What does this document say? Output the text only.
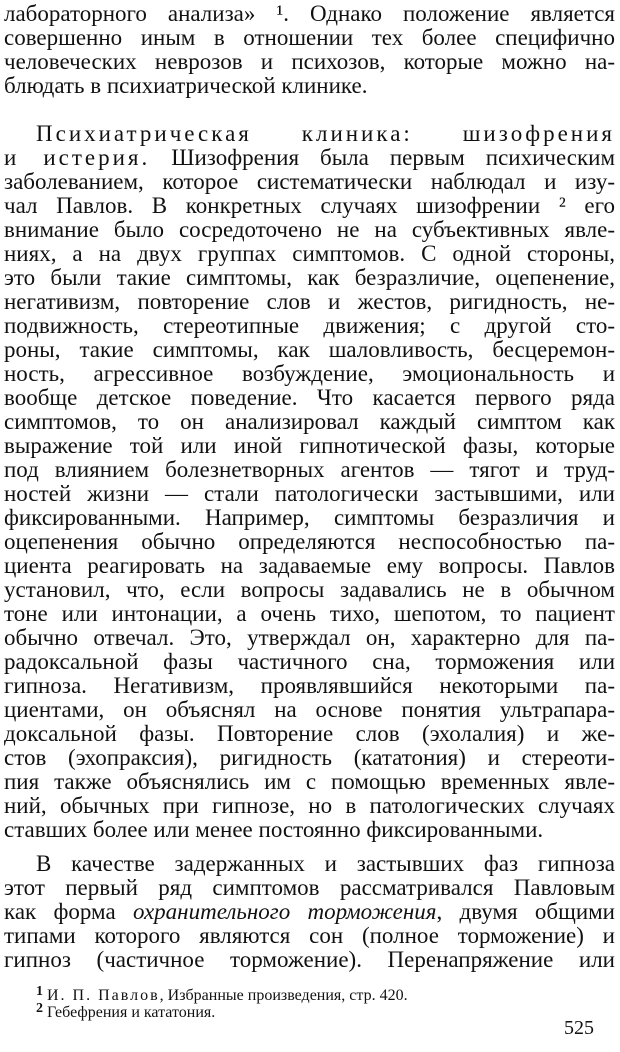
лабораторного анализа» ¹. Однако положение является
совершенно иным в отношении тех более специфично
человеческих неврозов и психозов, которые можно на-
блюдать в психиатрической клинике.
Психиатрическая клиника: шизофрения
и истерия. Шизофрения была первым психическим
заболеванием, которое систематически наблюдал и изу-
чал Павлов. В конкретных случаях шизофрении ² его
внимание было сосредоточено не на субъективных явле-
ниях, а на двух группах симптомов. С одной стороны,
это были такие симптомы, как безразличие, оцепенение,
негативизм, повторение слов и жестов, ригидность, не-
подвижность, стереотипные движения; с другой сто-
роны, такие симптомы, как шаловливость, бесцеремон-
ность, агрессивное возбуждение, эмоциональность и
вообще детское поведение. Что касается первого ряда
симптомов, то он анализировал каждый симптом как
выражение той или иной гипнотической фазы, которые
под влиянием болезнетворных агентов — тягот и труд-
ностей жизни — стали патологически застывшими, или
фиксированными. Например, симптомы безразличия и
оцепенения обычно определяются неспособностью па-
циента реагировать на задаваемые ему вопросы. Павлов
установил, что, если вопросы задавались не в обычном
тоне или интонации, а очень тихо, шепотом, то пациент
обычно отвечал. Это, утверждал он, характерно для па-
радоксальной фазы частичного сна, торможения или
гипноза. Негативизм, проявлявшийся некоторыми па-
циентами, он объяснял на основе понятия ультрапара-
доксальной фазы. Повторение слов (эхолалия) и же-
стов (эхопраксия), ригидность (кататония) и стереоти-
пия также объяснялись им с помощью временных явле-
ний, обычных при гипнозе, но в патологических случаях
ставших более или менее постоянно фиксированными.
В качестве задержанных и застывших фаз гипноза
этот первый ряд симптомов рассматривался Павловым
как форма охранительного торможения, двумя общими
типами которого являются сон (полное торможение) и
гипноз (частичное торможение). Перенапряжение или
1 И. П. Павлов, Избранные произведения, стр. 420.
2 Гебефрения и кататония.
525
